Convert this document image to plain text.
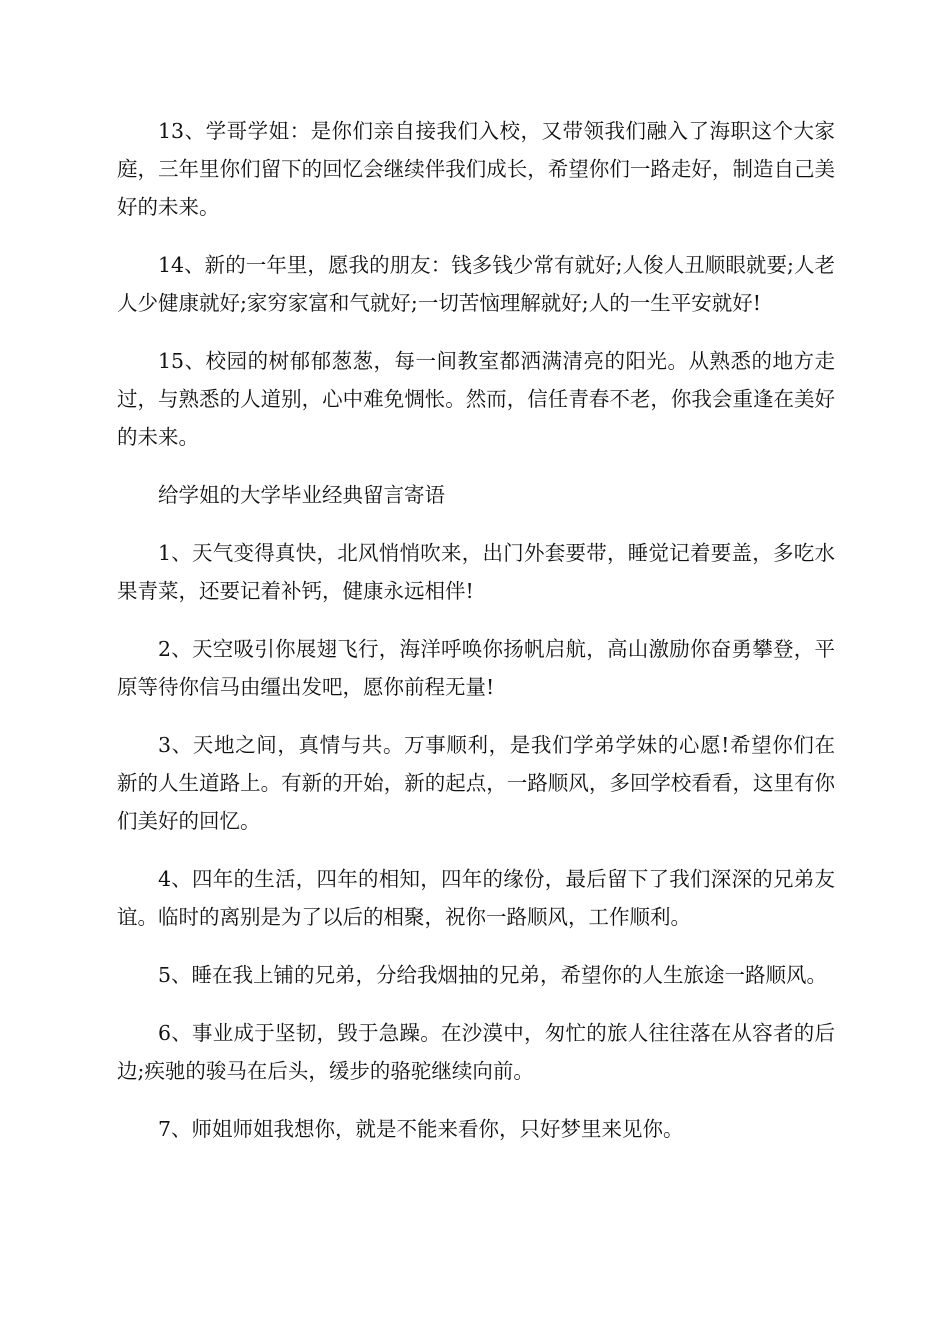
13、学哥学姐：是你们亲自接我们入校，又带领我们融入了海职这个大家庭，三年里你们留下的回忆会继续伴我们成长，希望你们一路走好，制造自己美好的未来。

14、新的一年里，愿我的朋友：钱多钱少常有就好;人俊人丑顺眼就要;人老人少健康就好;家穷家富和气就好;一切苦恼理解就好;人的一生平安就好!

15、校园的树郁郁葱葱，每一间教室都洒满清亮的阳光。从熟悉的地方走过，与熟悉的人道别，心中难免惆怅。然而，信任青春不老，你我会重逢在美好的未来。

给学姐的大学毕业经典留言寄语

1、天气变得真快，北风悄悄吹来，出门外套要带，睡觉记着要盖，多吃水果青菜，还要记着补钙，健康永远相伴!

2、天空吸引你展翅飞行，海洋呼唤你扬帆启航，高山激励你奋勇攀登，平原等待你信马由缰出发吧，愿你前程无量!

3、天地之间，真情与共。万事顺利，是我们学弟学妹的心愿!希望你们在新的人生道路上。有新的开始，新的起点，一路顺风，多回学校看看，这里有你们美好的回忆。

4、四年的生活，四年的相知，四年的缘份，最后留下了我们深深的兄弟友谊。临时的离别是为了以后的相聚，祝你一路顺风，工作顺利。

5、睡在我上铺的兄弟，分给我烟抽的兄弟，希望你的人生旅途一路顺风。

6、事业成于坚韧，毁于急躁。在沙漠中，匆忙的旅人往往落在从容者的后边;疾驰的骏马在后头，缓步的骆驼继续向前。

7、师姐师姐我想你，就是不能来看你，只好梦里来见你。
